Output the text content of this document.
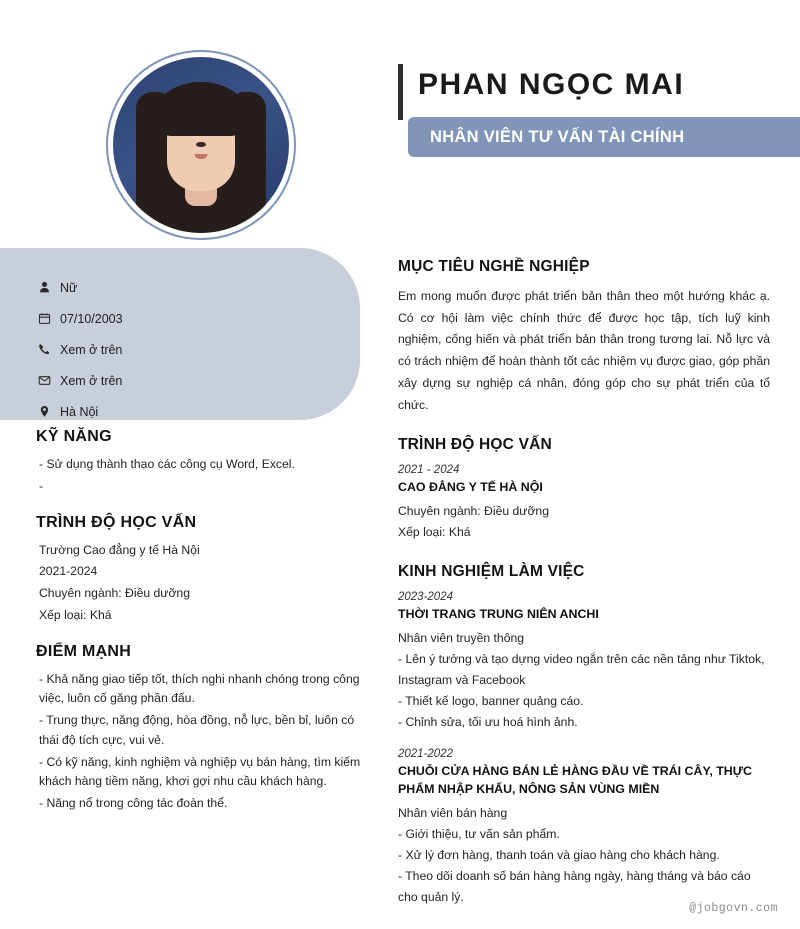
PHAN NGỌC MAI
NHÂN VIÊN TƯ VẤN TÀI CHÍNH
Nữ
07/10/2003
Xem ở trên
Xem ở trên
Hà Nội
KỸ NĂNG

- Sử dụng thành thạo các công cụ Word, Excel.

-

TRÌNH ĐỘ HỌC VẤN

Trường Cao đẳng y tế Hà Nội

2021-2024

Chuyên ngành: Điều dưỡng

Xếp loại: Khá

ĐIỂM MẠNH

- Khả năng giao tiếp tốt, thích nghi nhanh chóng trong công việc, luôn cố găng phần đấu.

- Trung thực, năng động, hòa đồng, nỗ lực, bền bỉ, luôn có thái độ tích cực, vui vẻ.

- Có kỹ năng, kinh nghiệm và nghiệp vụ bán hàng, tìm kiếm khách hàng tiềm năng, khơi gợi nhu cầu khách hàng.

- Năng nổ trong công tác đoàn thể.

MỤC TIÊU NGHỀ NGHIỆP

Em mong muốn được phát triển bản thân theo một hướng khác ạ. Có cơ hội làm việc chính thức để được học tập, tích luỹ kinh nghiệm, cống hiến và phát triển bản thân trong tương lai. Nỗ lực và có trách nhiệm để hoàn thành tốt các nhiệm vụ được giao, góp phần xây dựng sự nghiệp cá nhân, đóng góp cho sự phát triển của tổ chức.

TRÌNH ĐỘ HỌC VẤN

2021 - 2024

CAO ĐẲNG Y TẾ HÀ NỘI

Chuyên ngành: Điều dưỡng

Xếp loại: Khá

KINH NGHIỆM LÀM VIỆC

2023-2024

THỜI TRANG TRUNG NIÊN ANCHI

Nhân viên truyền thông

- Lên ý tưởng và tạo dựng video ngắn trên các nền tảng như Tiktok, Instagram và Facebook

- Thiết kế logo, banner quảng cáo.

- Chỉnh sửa, tối ưu hoá hình ảnh.

2021-2022

CHUỖI CỬA HÀNG BÁN LẺ HÀNG ĐẦU VỀ TRÁI CÂY, THỰC PHẨM NHẬP KHẨU, NÔNG SẢN VÙNG MIỀN

Nhân viên bán hàng

- Giới thiệu, tư vấn sản phẩm.

- Xử lý đơn hàng, thanh toán và giao hàng cho khách hàng.

- Theo dõi doanh số bán hàng hàng ngày, hàng tháng và báo cáo cho quản lý.

@jobgovn.com
